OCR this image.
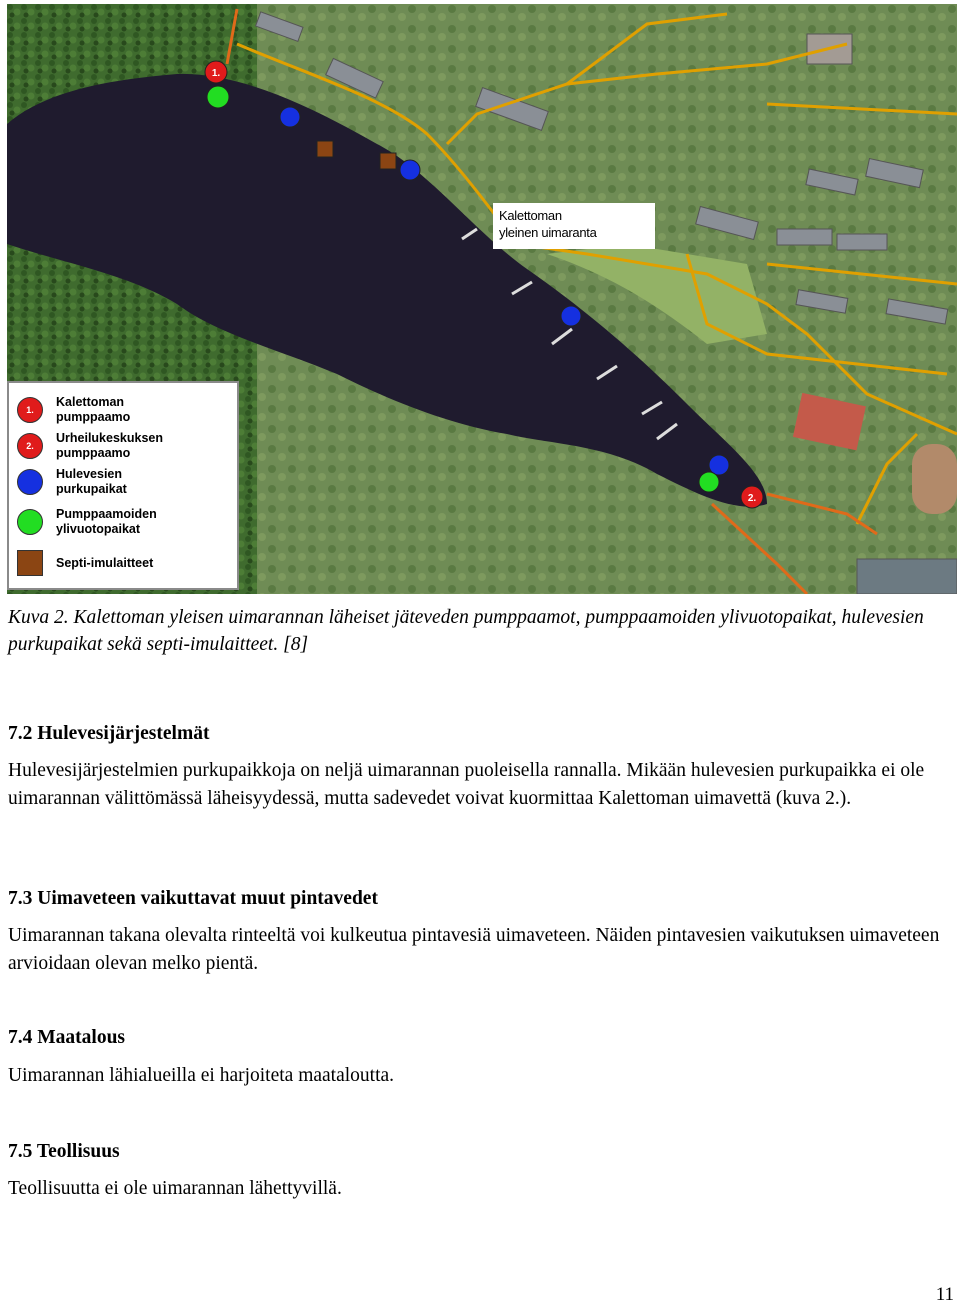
1.
2.
Kalettoman
yleinen uimaranta
1.
Kalettoman
pumppaamo
2.
Urheilukeskuksen
pumppaamo
Hulevesien
purkupaikat
Pumppaamoiden
ylivuotopaikat
Septi-imulaitteet
Kuva 2. Kalettoman yleisen uimarannan läheiset jäteveden pumppaamot, pumppaamoiden ylivuotopaikat, hulevesien purkupaikat sekä septi-imulaitteet. [8]
7.2 Hulevesijärjestelmät
Hulevesijärjestelmien purkupaikkoja on neljä uimarannan puoleisella rannalla. Mikään hulevesien purkupaikka ei ole uimarannan välittömässä läheisyydessä, mutta sadevedet voivat kuormittaa Kalettoman uimavettä (kuva 2.).
7.3 Uimaveteen vaikuttavat muut pintavedet
Uimarannan takana olevalta rinteeltä voi kulkeutua pintavesiä uimaveteen. Näiden pintavesien vaikutuksen uimaveteen arvioidaan olevan melko pientä.
7.4 Maatalous
Uimarannan lähialueilla ei harjoiteta maataloutta.
7.5 Teollisuus
Teollisuutta ei ole uimarannan lähettyvillä.
11
